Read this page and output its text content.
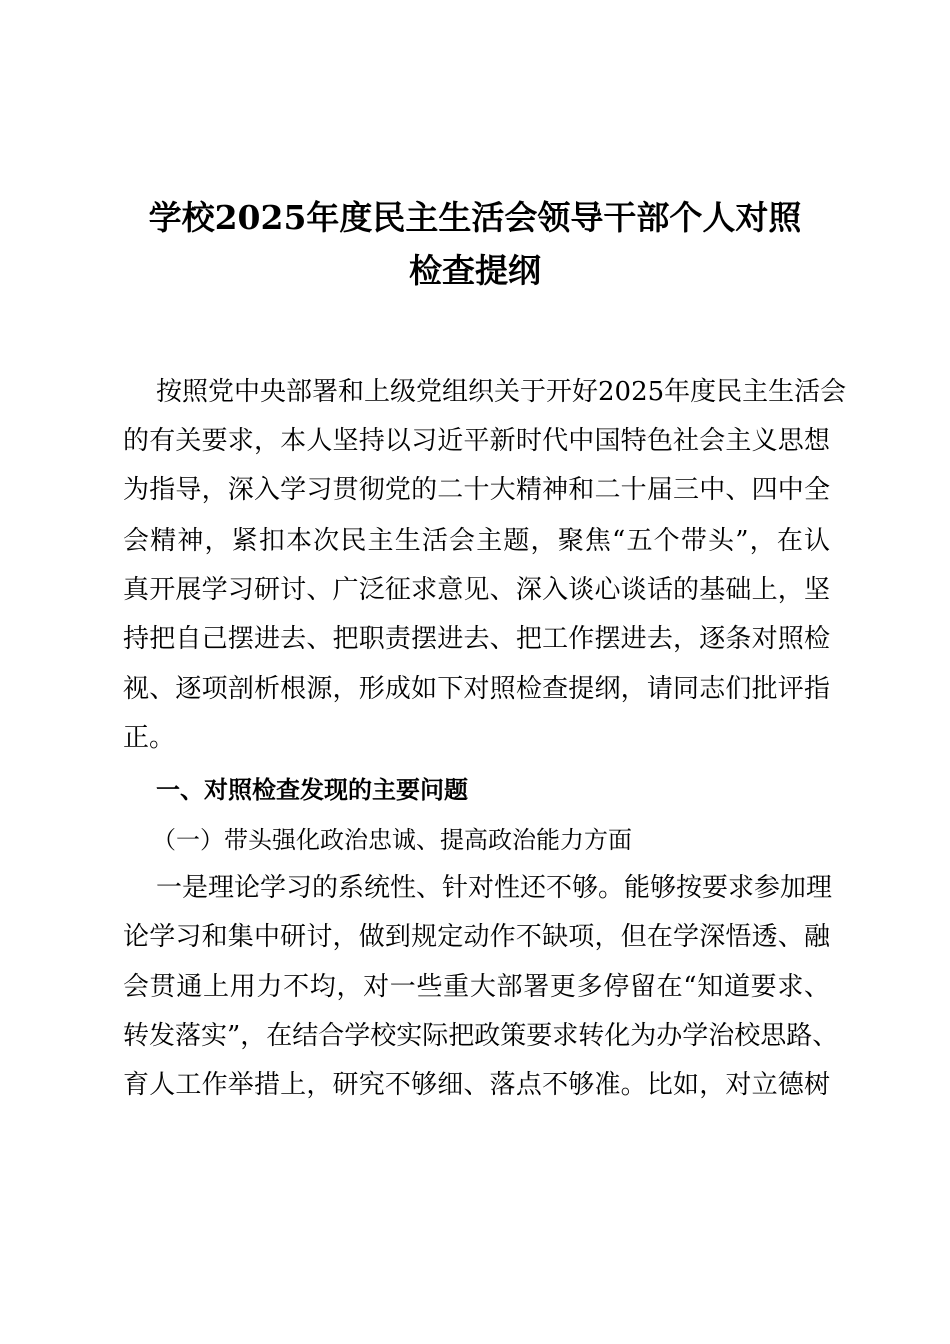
学校2025年度民主生活会领导干部个人对照
检查提纲
按照党中央部署和上级党组织关于开好2025年度民主生活会
的有关要求，本人坚持以习近平新时代中国特色社会主义思想
为指导，深入学习贯彻党的二十大精神和二十届三中、四中全
会精神，紧扣本次民主生活会主题，聚焦“五个带头”，在认
真开展学习研讨、广泛征求意见、深入谈心谈话的基础上，坚
持把自己摆进去、把职责摆进去、把工作摆进去，逐条对照检
视、逐项剖析根源，形成如下对照检查提纲，请同志们批评指
正。
一、对照检查发现的主要问题
（一）带头强化政治忠诚、提高政治能力方面
一是理论学习的系统性、针对性还不够。能够按要求参加理
论学习和集中研讨，做到规定动作不缺项，但在学深悟透、融
会贯通上用力不均，对一些重大部署更多停留在“知道要求、
转发落实”，在结合学校实际把政策要求转化为办学治校思路、
育人工作举措上，研究不够细、落点不够准。比如，对立德树
